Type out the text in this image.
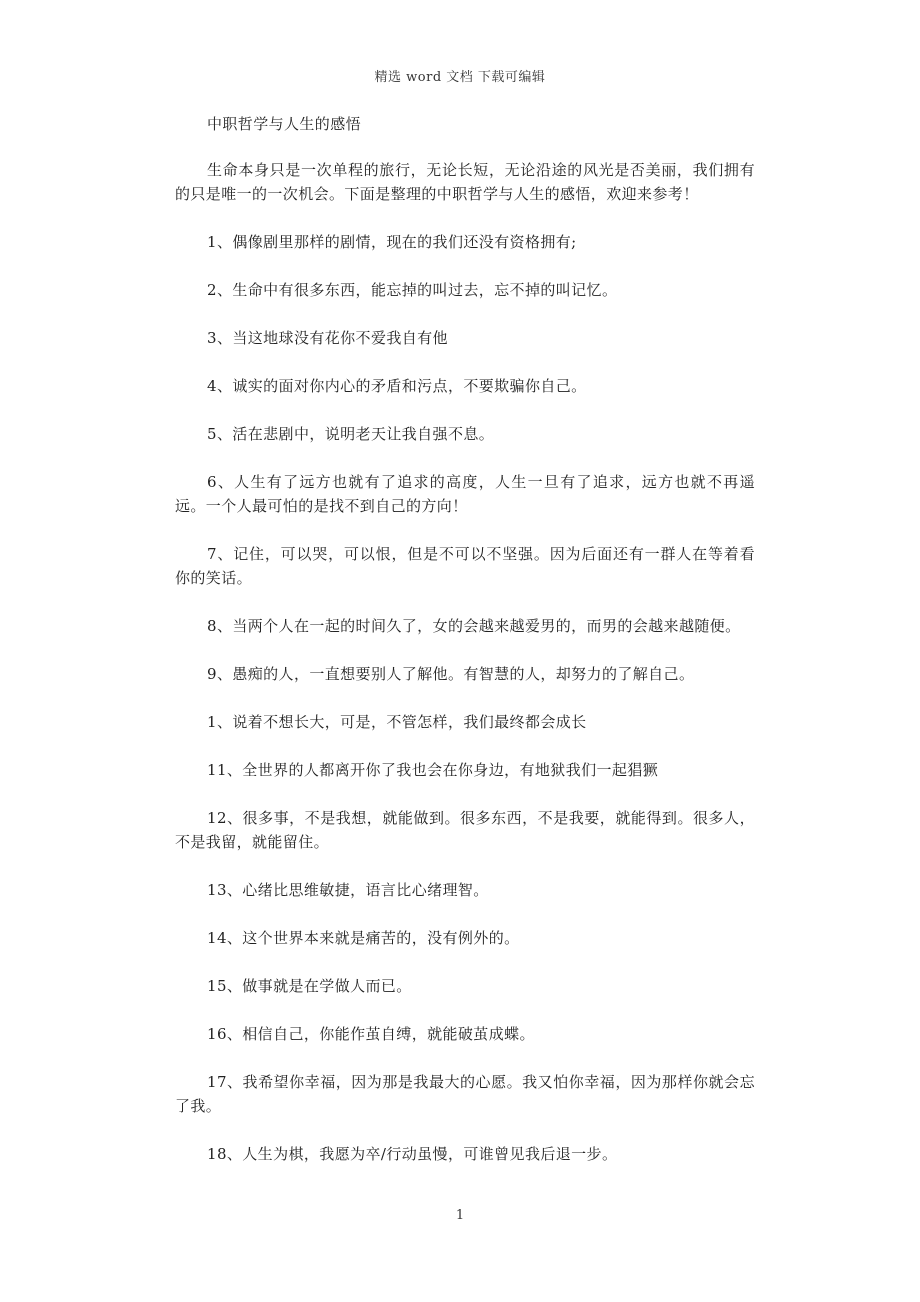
精选 word 文档 下载可编辑

中职哲学与人生的感悟

生命本身只是一次单程的旅行，无论长短，无论沿途的风光是否美丽，我们拥有的只是唯一的一次机会。下面是整理的中职哲学与人生的感悟，欢迎来参考！

1、偶像剧里那样的剧情，现在的我们还没有资格拥有;

2、生命中有很多东西，能忘掉的叫过去，忘不掉的叫记忆。

3、当这地球没有花你不爱我自有他

4、诚实的面对你内心的矛盾和污点，不要欺骗你自己。

5、活在悲剧中，说明老天让我自强不息。

6、人生有了远方也就有了追求的高度，人生一旦有了追求，远方也就不再遥远。一个人最可怕的是找不到自己的方向！

7、记住，可以哭，可以恨，但是不可以不坚强。因为后面还有一群人在等着看你的笑话。

8、当两个人在一起的时间久了，女的会越来越爱男的，而男的会越来越随便。

9、愚痴的人，一直想要别人了解他。有智慧的人，却努力的了解自己。

1、说着不想长大，可是，不管怎样，我们最终都会成长

11、全世界的人都离开你了我也会在你身边，有地狱我们一起猖獗

12、很多事，不是我想，就能做到。很多东西，不是我要，就能得到。很多人，不是我留，就能留住。

13、心绪比思维敏捷，语言比心绪理智。

14、这个世界本来就是痛苦的，没有例外的。

15、做事就是在学做人而已。

16、相信自己，你能作茧自缚，就能破茧成蝶。

17、我希望你幸福，因为那是我最大的心愿。我又怕你幸福，因为那样你就会忘了我。

18、人生为棋，我愿为卒/行动虽慢，可谁曾见我后退一步。

1
